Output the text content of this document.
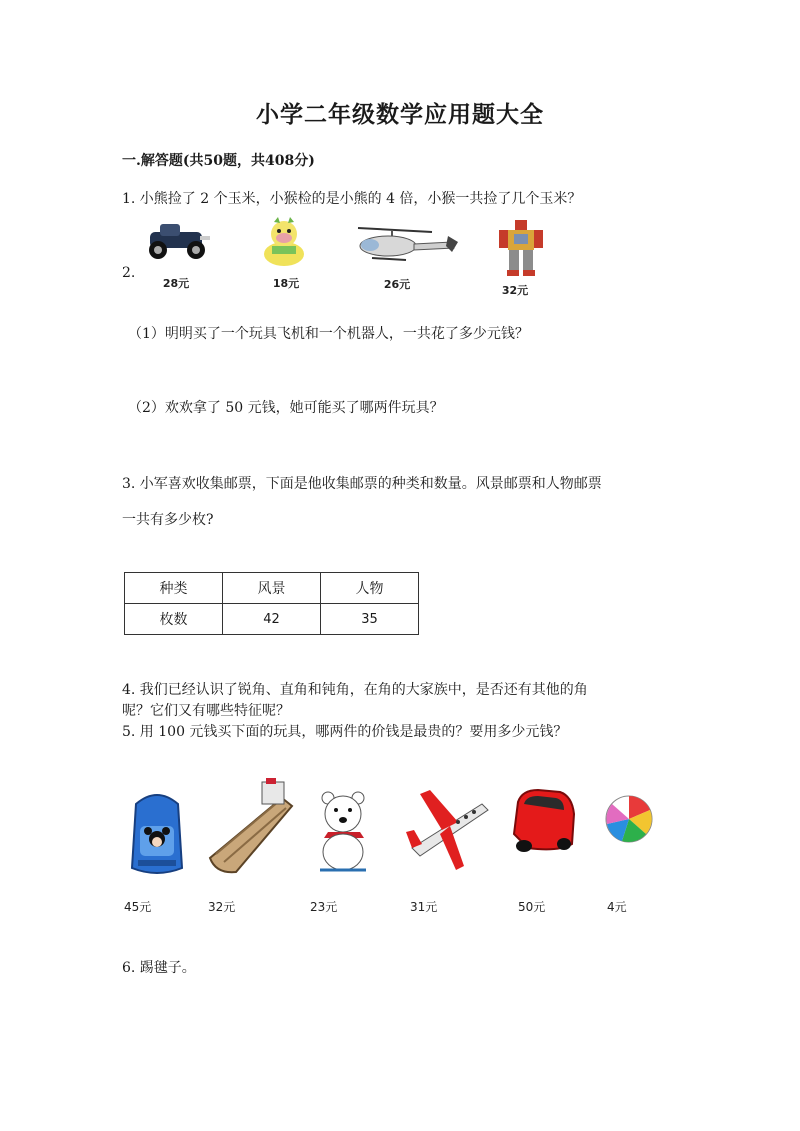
小学二年级数学应用题大全
一.解答题(共50题，共408分)
1. 小熊捡了 2 个玉米，小猴检的是小熊的 4 倍，小猴一共捡了几个玉米？
2.
28元	18元	26元	32元
（1）明明买了一个玩具飞机和一个机器人，一共花了多少元钱？
（2）欢欢拿了 50 元钱，她可能买了哪两件玩具？
3. 小军喜欢收集邮票，下面是他收集邮票的种类和数量。风景邮票和人物邮票
一共有多少枚?
种类	风景	人物
枚数	42	35
4. 我们已经认识了锐角、直角和钝角，在角的大家族中，是否还有其他的角
呢？它们又有哪些特征呢？
5. 用 100 元钱买下面的玩具，哪两件的价钱是最贵的？要用多少元钱？
45元	32元	23元	31元	50元	4元
6. 踢毽子。
